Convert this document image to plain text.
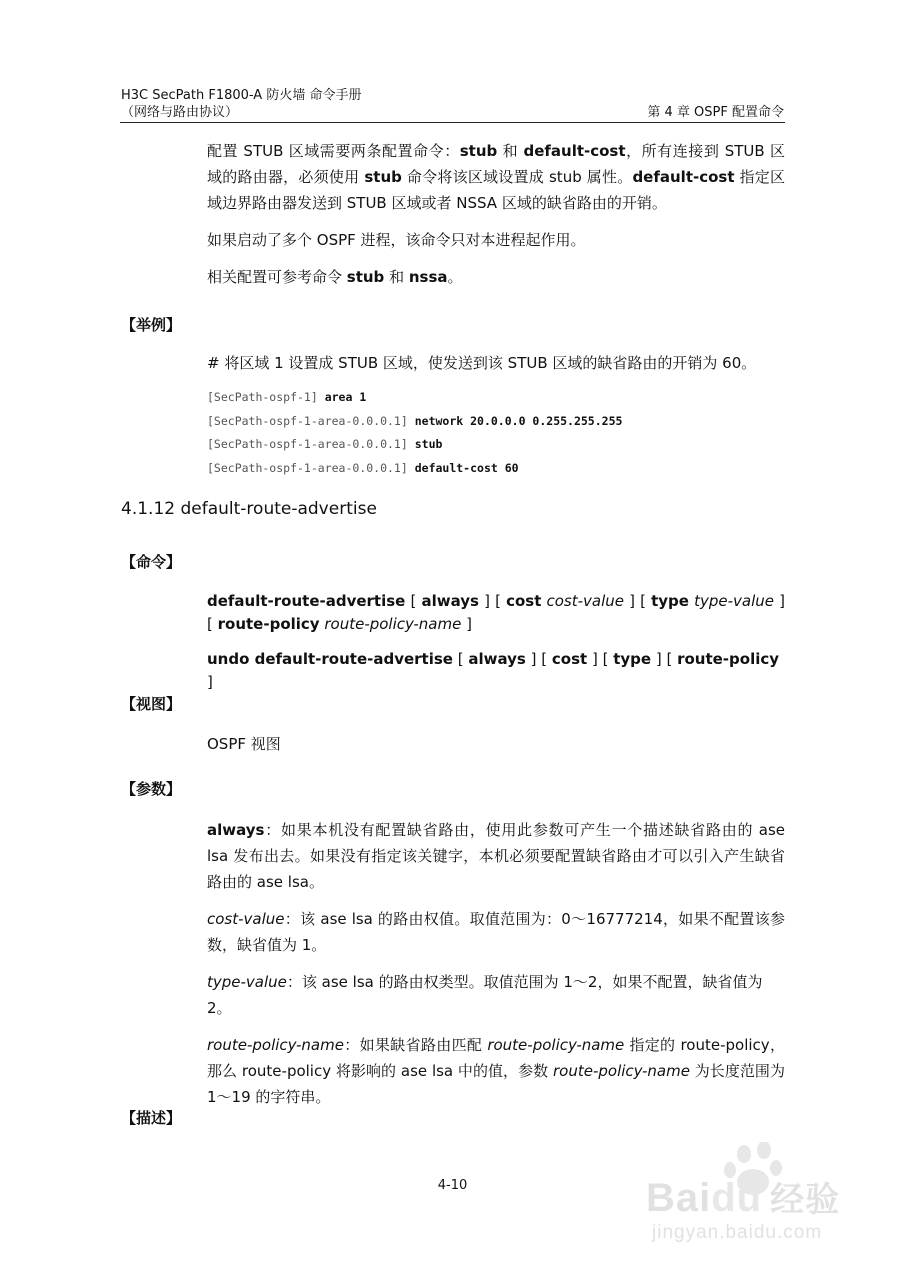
H3C SecPath F1800-A 防火墙 命令手册
（网络与路由协议）	第 4 章 OSPF 配置命令

配置 STUB 区域需要两条配置命令：stub 和 default-cost，所有连接到 STUB 区域的路由器，必须使用 stub 命令将该区域设置成 stub 属性。default-cost 指定区域边界路由器发送到 STUB 区域或者 NSSA 区域的缺省路由的开销。

如果启动了多个 OSPF 进程，该命令只对本进程起作用。

相关配置可参考命令 stub 和 nssa。

【举例】
# 将区域 1 设置成 STUB 区域，使发送到该 STUB 区域的缺省路由的开销为 60。
[SecPath-ospf-1] area 1
[SecPath-ospf-1-area-0.0.0.1] network 20.0.0.0 0.255.255.255
[SecPath-ospf-1-area-0.0.0.1] stub
[SecPath-ospf-1-area-0.0.0.1] default-cost 60
4.1.12 default-route-advertise
【命令】

default-route-advertise [ always ] [ cost cost-value ] [ type type-value ]

[ route-policy route-policy-name ]

undo default-route-advertise [ always ] [ cost ] [ type ] [ route-policy ]

【视图】
OSPF 视图
【参数】

always：如果本机没有配置缺省路由，使用此参数可产生一个描述缺省路由的 ase lsa 发布出去。如果没有指定该关键字，本机必须要配置缺省路由才可以引入产生缺省路由的 ase lsa。

cost-value：该 ase lsa 的路由权值。取值范围为：0～16777214，如果不配置该参数，缺省值为 1。

type-value：该 ase lsa 的路由权类型。取值范围为 1～2，如果不配置，缺省值为 2。

route-policy-name：如果缺省路由匹配 route-policy-name 指定的 route-policy，那么 route-policy 将影响的 ase lsa 中的值，参数 route-policy-name 为长度范围为 1～19 的字符串。

【描述】
4-10	Baidu 经验
jingyan.baidu.com
